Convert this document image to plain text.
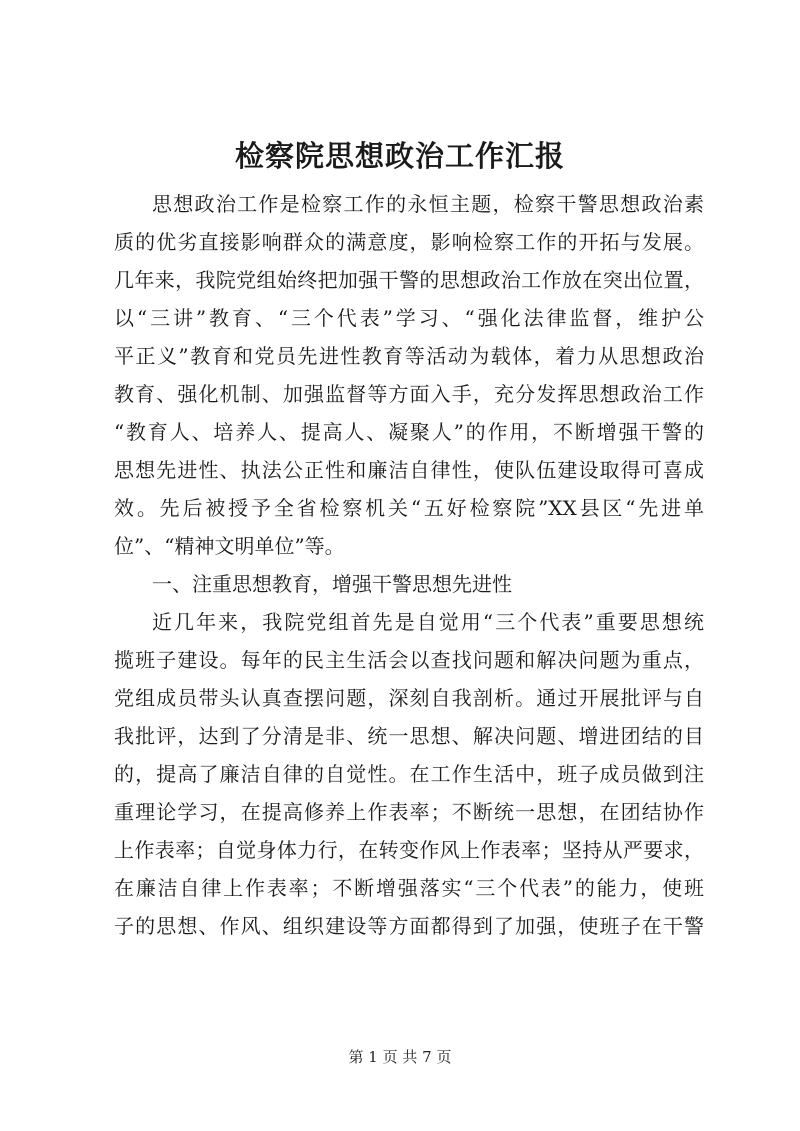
检察院思想政治工作汇报
思想政治工作是检察工作的永恒主题，检察干警思想政治素
质的优劣直接影响群众的满意度，影响检察工作的开拓与发展。
几年来，我院党组始终把加强干警的思想政治工作放在突出位置，
以“三讲”教育、“三个代表”学习、“强化法律监督，维护公
平正义”教育和党员先进性教育等活动为载体，着力从思想政治
教育、强化机制、加强监督等方面入手，充分发挥思想政治工作
“教育人、培养人、提高人、凝聚人”的作用，不断增强干警的
思想先进性、执法公正性和廉洁自律性，使队伍建设取得可喜成
效。先后被授予全省检察机关“五好检察院”XX县区“先进单
位”、“精神文明单位”等。
一、注重思想教育，增强干警思想先进性
近几年来，我院党组首先是自觉用“三个代表”重要思想统
揽班子建设。每年的民主生活会以查找问题和解决问题为重点，
党组成员带头认真查摆问题，深刻自我剖析。通过开展批评与自
我批评，达到了分清是非、统一思想、解决问题、增进团结的目
的，提高了廉洁自律的自觉性。在工作生活中，班子成员做到注
重理论学习，在提高修养上作表率；不断统一思想，在团结协作
上作表率；自觉身体力行，在转变作风上作表率；坚持从严要求，
在廉洁自律上作表率；不断增强落实“三个代表”的能力，使班
子的思想、作风、组织建设等方面都得到了加强，使班子在干警
第 1 页 共 7 页
